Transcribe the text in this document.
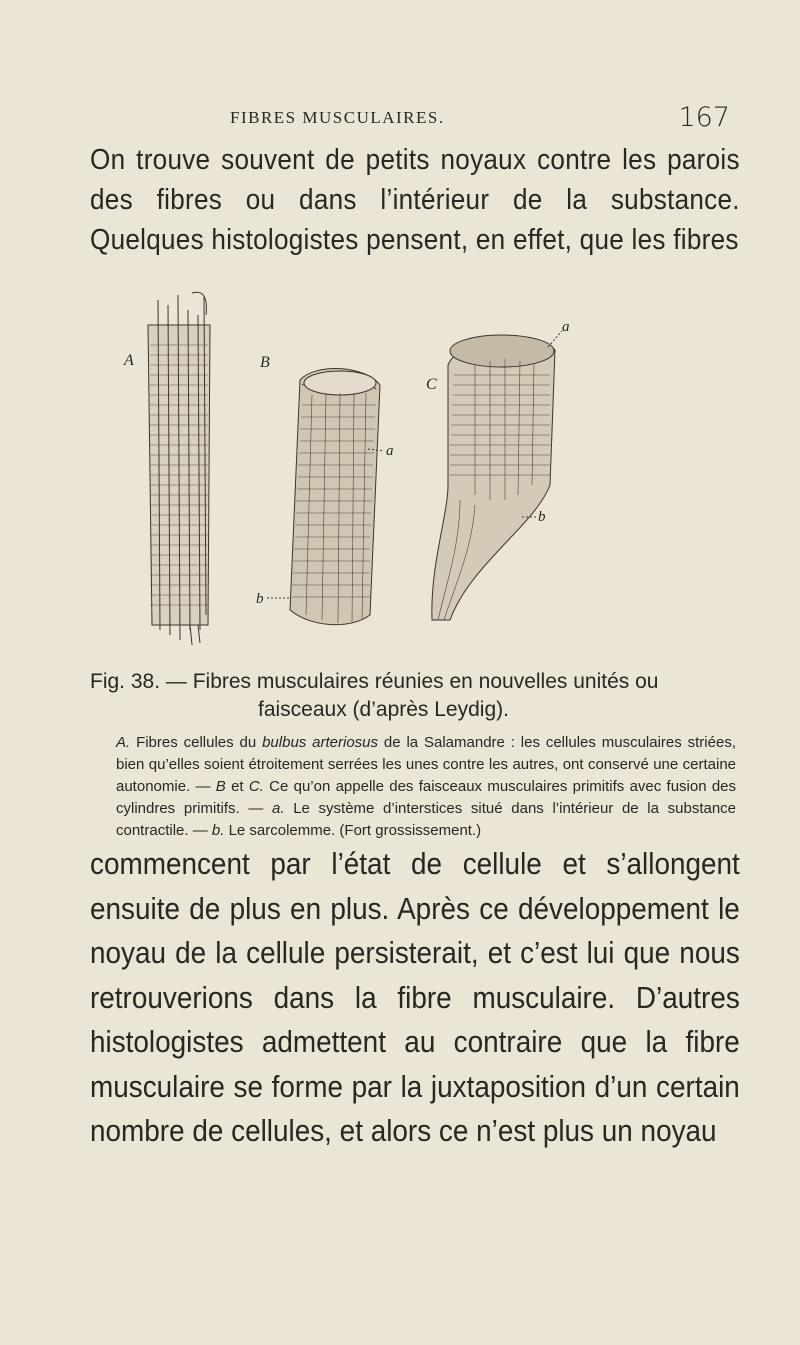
FIBRES MUSCULAIRES.	167
On trouve souvent de petits noyaux contre les parois des fibres ou dans l’intérieur de la substance. Quelques histologistes pensent, en effet, que les fibres
A	B
a
b
C
a
b
Fig. 38. — Fibres musculaires réunies en nouvelles unités ou
faisceaux (d’après Leydig).
A. Fibres cellules du bulbus arteriosus de la Salamandre : les cellules musculaires striées, bien qu’elles soient étroitement serrées les unes contre les autres, ont conservé une certaine autonomie. — B et C. Ce qu’on appelle des faisceaux musculaires primitifs avec fusion des cylindres primitifs. — a. Le système d’interstices situé dans l’intérieur de la substance contractile. — b. Le sarcolemme. (Fort grossissement.)
commencent par l’état de cellule et s’allongent ensuite de plus en plus. Après ce développement le noyau de la cellule persisterait, et c’est lui que nous retrouverions dans la fibre musculaire. D’autres histologistes admettent au contraire que la fibre musculaire se forme par la juxtaposition d’un certain nombre de cellules, et alors ce n’est plus un noyau
